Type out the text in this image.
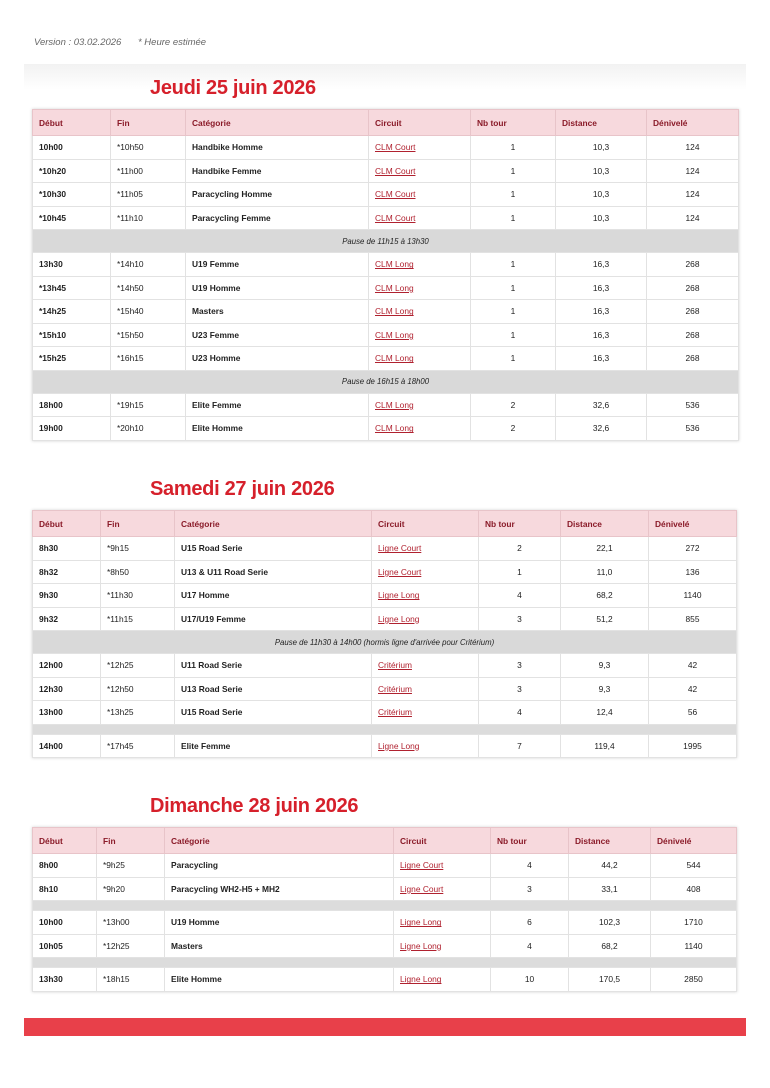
Version : 03.02.2026 * Heure estimée
Jeudi 25 juin 2026
Début	Fin	Catégorie	Circuit	Nb tour	Distance	Dénivelé
10h00	*10h50	Handbike Homme	CLM Court	1	10,3	124
*10h20	*11h00	Handbike Femme	CLM Court	1	10,3	124
*10h30	*11h05	Paracycling Homme	CLM Court	1	10,3	124
*10h45	*11h10	Paracycling Femme	CLM Court	1	10,3	124
Pause de 11h15 à 13h30						
13h30	*14h10	U19 Femme	CLM Long	1	16,3	268
*13h45	*14h50	U19 Homme	CLM Long	1	16,3	268
*14h25	*15h40	Masters	CLM Long	1	16,3	268
*15h10	*15h50	U23 Femme	CLM Long	1	16,3	268
*15h25	*16h15	U23 Homme	CLM Long	1	16,3	268
Pause de 16h15 à 18h00						
18h00	*19h15	Elite Femme	CLM Long	2	32,6	536
19h00	*20h10	Elite Homme	CLM Long	2	32,6	536
Samedi 27 juin 2026
Début	Fin	Catégorie	Circuit	Nb tour	Distance	Dénivelé
8h30	*9h15	U15 Road Serie	Ligne Court	2	22,1	272
8h32	*8h50	U13 & U11 Road Serie	Ligne Court	1	11,0	136
9h30	*11h30	U17 Homme	Ligne Long	4	68,2	1140
9h32	*11h15	U17/U19 Femme	Ligne Long	3	51,2	855
Pause de 11h30 à 14h00 (hormis ligne d'arrivée pour Critérium)						
12h00	*12h25	U11 Road Serie	Critérium	3	9,3	42
12h30	*12h50	U13 Road Serie	Critérium	3	9,3	42
13h00	*13h25	U15 Road Serie	Critérium	4	12,4	56

14h00	*17h45	Elite Femme	Ligne Long	7	119,4	1995
Dimanche 28 juin 2026
Début	Fin	Catégorie	Circuit	Nb tour	Distance	Dénivelé
8h00	*9h25	Paracycling	Ligne Court	4	44,2	544
8h10	*9h20	Paracycling WH2-H5 + MH2	Ligne Court	3	33,1	408

10h00	*13h00	U19 Homme	Ligne Long	6	102,3	1710
10h05	*12h25	Masters	Ligne Long	4	68,2	1140

13h30	*18h15	Elite Homme	Ligne Long	10	170,5	2850
